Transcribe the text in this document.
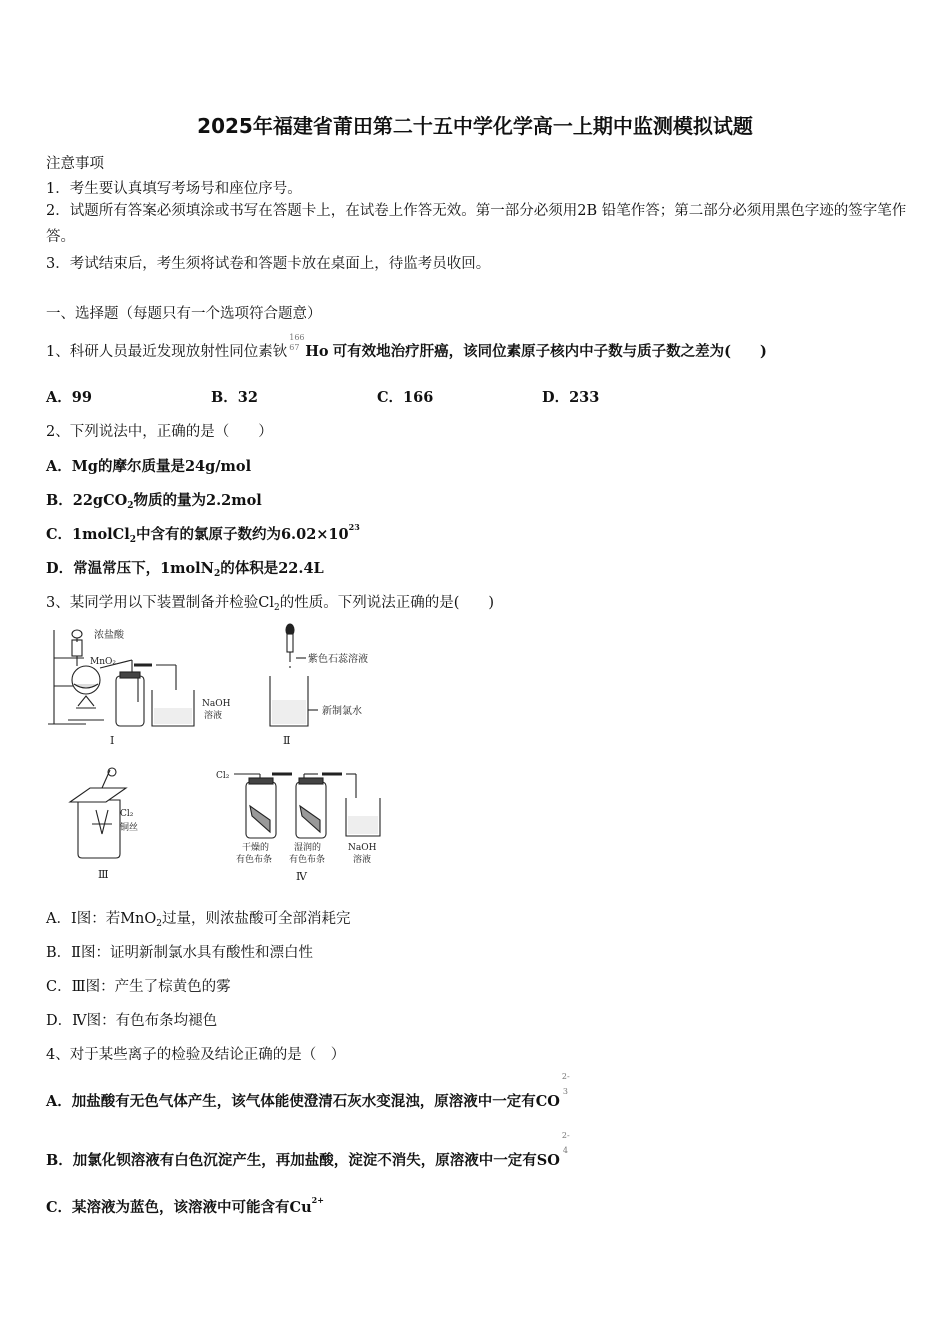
2025年福建省莆田第二十五中学化学高一上期中监测模拟试题
注意事项
1．考生要认真填写考场号和座位序号。
2．试题所有答案必须填涂或书写在答题卡上，在试卷上作答无效。第一部分必须用2B 铅笔作答；第二部分必须用黑色字迹的签字笔作答。
3．考试结束后，考生须将试卷和答题卡放在桌面上，待监考员收回。
一、选择题（每题只有一个选项符合题意）
1、科研人员最近发现放射性同位素钬
166
67 Ho 可有效地治疗肝癌，该同位素原子核内中子数与质子数之差为(　　)
A．99	B．32	C．166	D．233
2、下列说法中，正确的是（　　）
A．Mg的摩尔质量是24g/mol
B．22gCO$_2$物质的量为2.2mol
C．1molCl$_2$中含有的氯原子数约为$6.02\times 10^{23}$
D．常温常压下，1molN$_2$的体积是22.4L
3、某同学用以下装置制备并检验$Cl_2$的性质。下列说法正确的是(　　)
Ⅰ
浓盐酸
MnO₂
NaOH
溶液
Ⅱ
紫色石蕊溶液
新制氯水
Ⅲ
Cl₂
铜丝
Ⅳ
Cl₂
干燥的
有色布条
湿润的
有色布条
NaOH
溶液
A．Ⅰ图：若MnO$_2$过量，则浓盐酸可全部消耗完
B．Ⅱ图：证明新制氯水具有酸性和漂白性
C．Ⅲ图：产生了棕黄色的雾
D．Ⅳ图：有色布条均褪色
4、对于某些离子的检验及结论正确的是（　）
A．加盐酸有无色气体产生，该气体能使澄清石灰水变混浊，原溶液中一定有CO
2-
3
B．加氯化钡溶液有白色沉淀产生，再加盐酸，淀淀不消失，原溶液中一定有SO
2-
4
C．某溶液为蓝色，该溶液中可能含有$Cu^{2+}$
